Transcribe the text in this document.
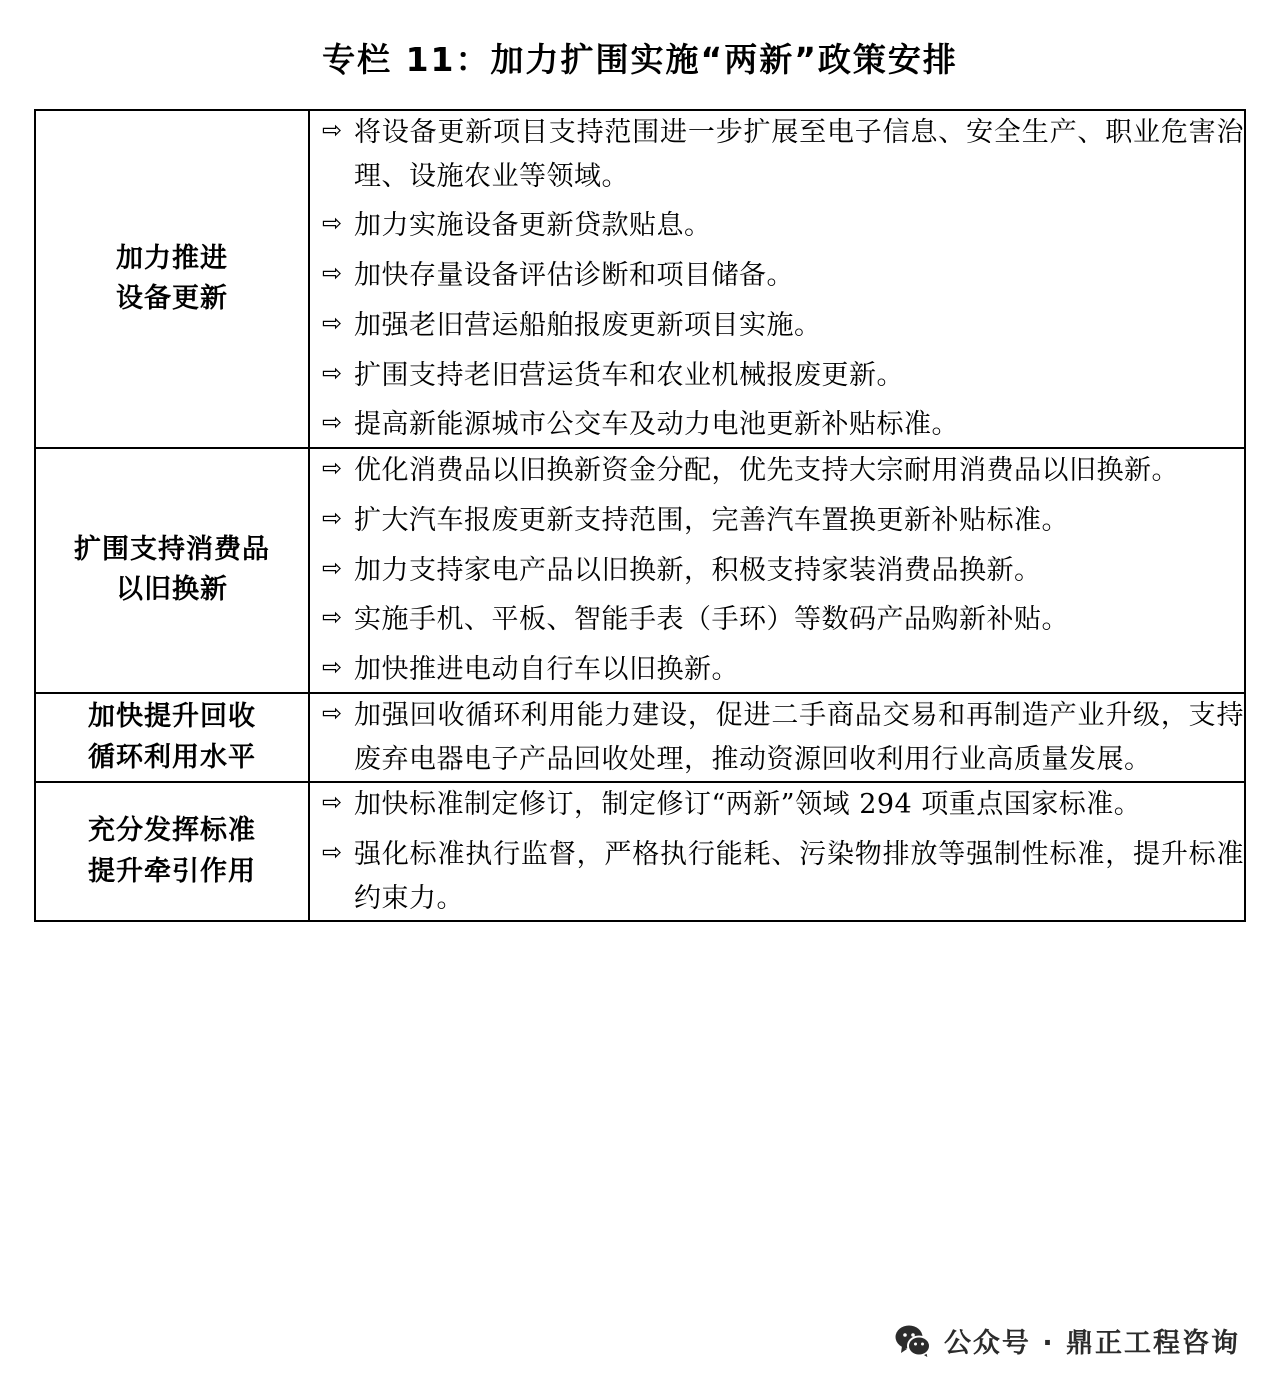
专栏 11：加力扩围实施“两新”政策安排
加力推进
设备更新

⇨ 将设备更新项目支持范围进一步扩展至电子信息、安全生产、职业危害治理、设施农业等领域。
⇨ 加力实施设备更新贷款贴息。
⇨ 加快存量设备评估诊断和项目储备。
⇨ 加强老旧营运船舶报废更新项目实施。
⇨ 扩围支持老旧营运货车和农业机械报废更新。
⇨ 提高新能源城市公交车及动力电池更新补贴标准。

扩围支持消费品
以旧换新

⇨ 优化消费品以旧换新资金分配，优先支持大宗耐用消费品以旧换新。
⇨ 扩大汽车报废更新支持范围，完善汽车置换更新补贴标准。
⇨ 加力支持家电产品以旧换新，积极支持家装消费品换新。
⇨ 实施手机、平板、智能手表（手环）等数码产品购新补贴。
⇨ 加快推进电动自行车以旧换新。

加快提升回收
循环利用水平

⇨ 加强回收循环利用能力建设，促进二手商品交易和再制造产业升级，支持废弃电器电子产品回收处理，推动资源回收利用行业高质量发展。

充分发挥标准
提升牵引作用

⇨ 加快标准制定修订，制定修订“两新”领域 294 项重点国家标准。
⇨ 强化标准执行监督，严格执行能耗、污染物排放等强制性标准，提升标准约束力。
公众号 · 鼎正工程咨询
